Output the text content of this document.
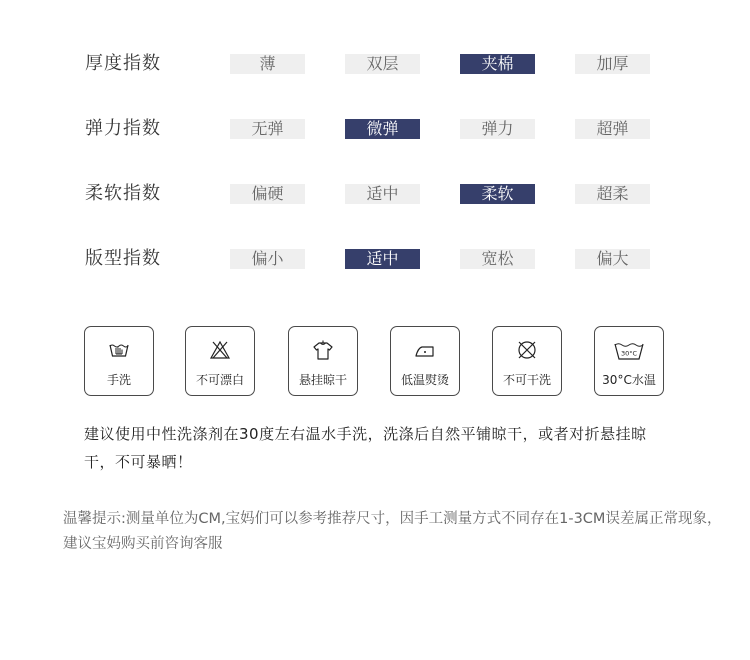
厚度指数	薄	双层	夹棉	加厚
弹力指数	无弹	微弹	弹力	超弹
柔软指数	偏硬	适中	柔软	超柔
版型指数	偏小	适中	宽松	偏大
手洗	不可漂白	悬挂晾干	低温熨烫	不可干洗
30°C
30°C水温
建议使用中性洗涤剂在30度左右温水手洗，洗涤后自然平铺晾干，或者对折悬挂晾干，不可暴晒！
温馨提示:测量单位为CM,宝妈们可以参考推荐尺寸，因手工测量方式不同存在1-3CM误差属正常现象，建议宝妈购买前咨询客服
